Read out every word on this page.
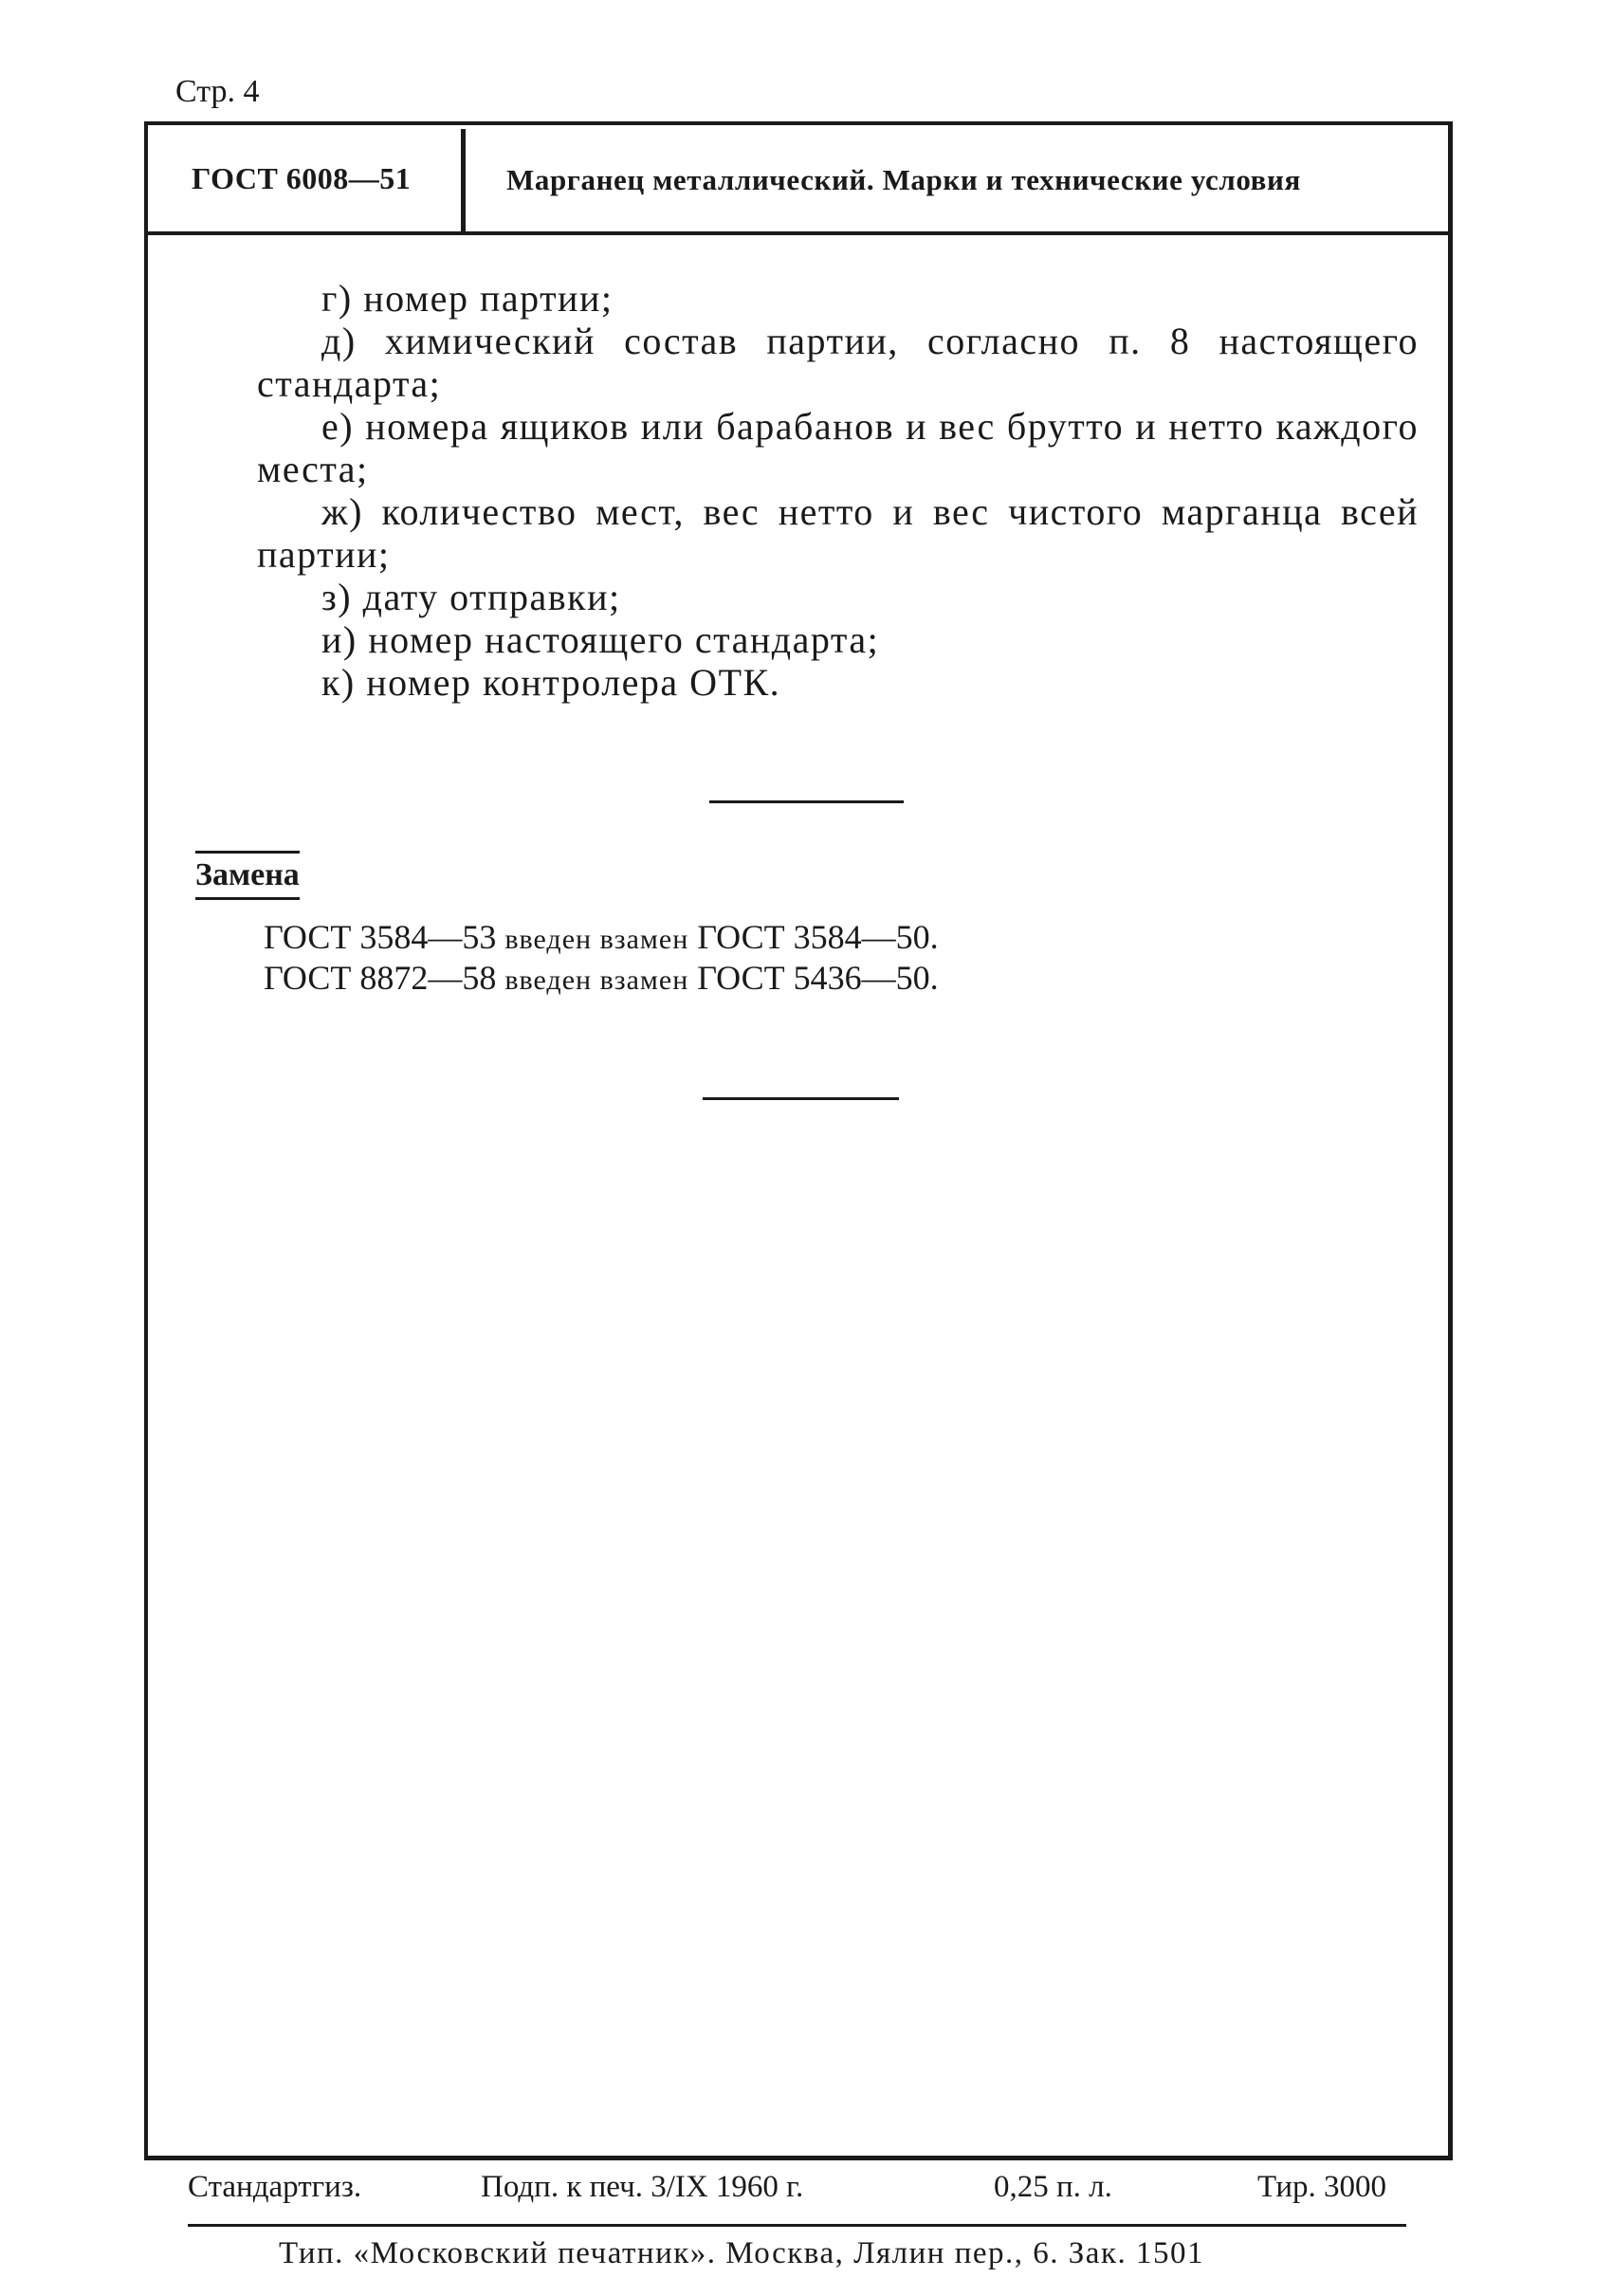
Стр. 4
ГОСТ 6008—51	Марганец металлический. Марки и технические условия

г) номер партии;

д) химический состав партии, согласно п. 8 настоящего стандарта;

е) номера ящиков или барабанов и вес брутто и нетто каждого места;

ж) количество мест, вес нетто и вес чистого марганца всей партии;

з) дату отправки;

и) номер настоящего стандарта;

к) номер контролера ОТК.

Замена
ГОСТ 3584—53 введен взамен ГОСТ 3584—50.
ГОСТ 8872—58 введен взамен ГОСТ 5436—50.
Стандартгиз.	Подп. к печ. 3/IX 1960 г.	0,25 п. л.	Тир. 3000
Тип. «Московский печатник». Москва, Лялин пер., 6. Зак. 1501
